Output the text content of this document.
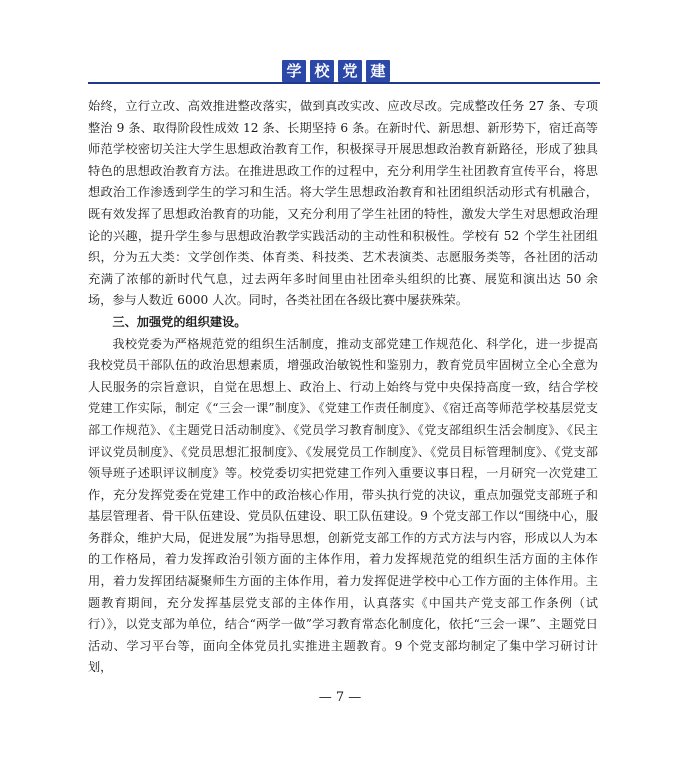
学 校 党 建

始终，立行立改、高效推进整改落实，做到真改实改、应改尽改。完成整改任务 27 条、专项整治 9 条、取得阶段性成效 12 条、长期坚持 6 条。在新时代、新思想、新形势下，宿迁高等师范学校密切关注大学生思想政治教育工作，积极探寻开展思想政治教育新路径，形成了独具特色的思想政治教育方法。在推进思政工作的过程中，充分利用学生社团教育宣传平台，将思想政治工作渗透到学生的学习和生活。将大学生思想政治教育和社团组织活动形式有机融合，既有效发挥了思想政治教育的功能，又充分利用了学生社团的特性，激发大学生对思想政治理论的兴趣，提升学生参与思想政治教学实践活动的主动性和积极性。学校有 52 个学生社团组织，分为五大类：文学创作类、体育类、科技类、艺术表演类、志愿服务类等，各社团的活动充满了浓郁的新时代气息，过去两年多时间里由社团牵头组织的比赛、展览和演出达 50 余场，参与人数近 6000 人次。同时，各类社团在各级比赛中屡获殊荣。

三、加强党的组织建设。

我校党委为严格规范党的组织生活制度，推动支部党建工作规范化、科学化，进一步提高我校党员干部队伍的政治思想素质，增强政治敏锐性和鉴别力，教育党员牢固树立全心全意为人民服务的宗旨意识，自觉在思想上、政治上、行动上始终与党中央保持高度一致，结合学校党建工作实际，制定《“三会一课”制度》、《党建工作责任制度》、《宿迁高等师范学校基层党支部工作规范》、《主题党日活动制度》、《党员学习教育制度》、《党支部组织生活会制度》、《民主评议党员制度》、《党员思想汇报制度》、《发展党员工作制度》、《党员目标管理制度》、《党支部领导班子述职评议制度》等。校党委切实把党建工作列入重要议事日程，一月研究一次党建工作，充分发挥党委在党建工作中的政治核心作用，带头执行党的决议，重点加强党支部班子和基层管理者、骨干队伍建设、党员队伍建设、职工队伍建设。9 个党支部工作以“围绕中心，服务群众，维护大局，促进发展”为指导思想，创新党支部工作的方式方法与内容，形成以人为本的工作格局，着力发挥政治引领方面的主体作用，着力发挥规范党的组织生活方面的主体作用，着力发挥团结凝聚师生方面的主体作用，着力发挥促进学校中心工作方面的主体作用。主题教育期间，充分发挥基层党支部的主体作用，认真落实《中国共产党支部工作条例（试行）》，以党支部为单位，结合“两学一做”学习教育常态化制度化，依托“三会一课”、主题党日活动、学习平台等，面向全体党员扎实推进主题教育。9 个党支部均制定了集中学习研讨计划，

— 7 —
